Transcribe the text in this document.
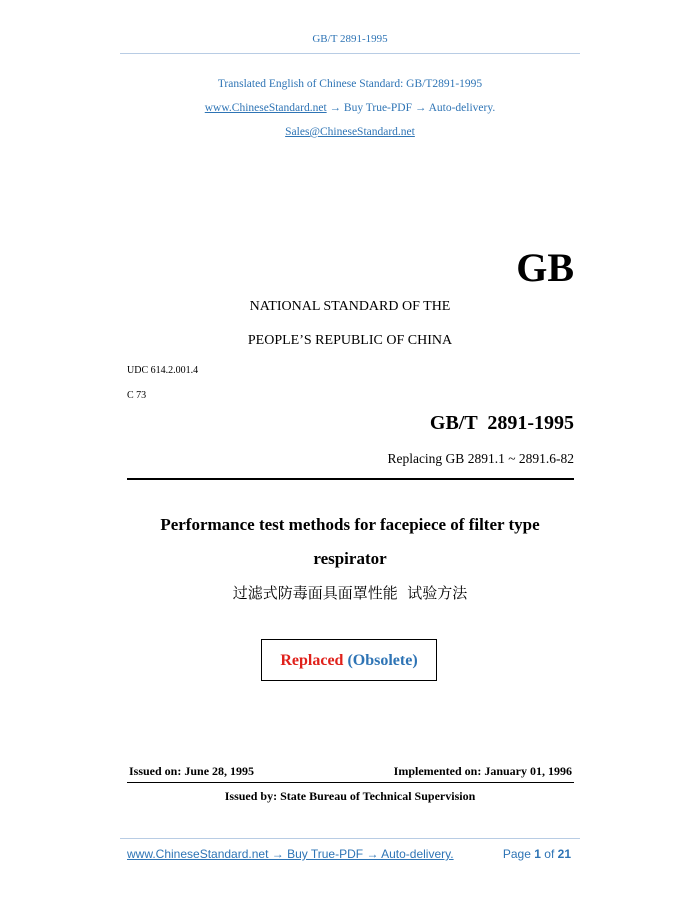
GB/T 2891-1995
Translated English of Chinese Standard: GB/T2891-1995
www.ChineseStandard.net → Buy True-PDF → Auto-delivery.
Sales@ChineseStandard.net
GB
NATIONAL STANDARD OF THE
PEOPLE’S REPUBLIC OF CHINA
UDC 614.2.001.4
C 73
GB/T  2891-1995
Replacing GB 2891.1 ~ 2891.6-82
Performance test methods for facepiece of filter type
respirator
过滤式防毒面具面罩性能  试验方法
Replaced (Obsolete)
Issued on: June 28, 1995	Implemented on: January 01, 1996
Issued by: State Bureau of Technical Supervision
www.ChineseStandard.net → Buy True-PDF → Auto-delivery.	Page 1 of 21
